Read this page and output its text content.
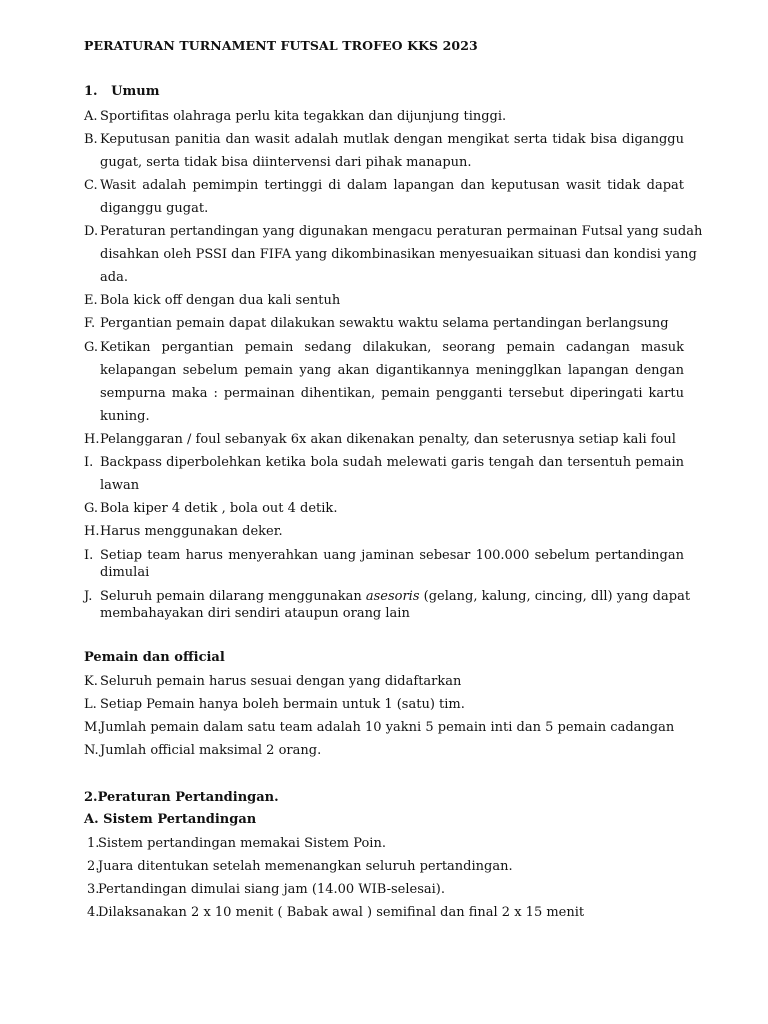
PERATURAN TURNAMENT FUTSAL TROFEO KKS 2023
1.   Umum
A. Sportifitas olahraga perlu kita tegakkan dan dijunjung tinggi.
B. Keputusan panitia dan wasit adalah mutlak dengan mengikat serta tidak bisa diganggu
gugat, serta tidak bisa diintervensi dari pihak manapun.
C. Wasit adalah pemimpin tertinggi di dalam lapangan dan keputusan wasit tidak dapat
diganggu gugat.
D. Peraturan pertandingan yang digunakan mengacu peraturan permainan Futsal yang sudah
disahkan oleh PSSI dan FIFA yang dikombinasikan menyesuaikan situasi dan kondisi yang
ada.
E. Bola kick off dengan dua kali sentuh
F. Pergantian pemain dapat dilakukan sewaktu waktu selama pertandingan berlangsung
G. Ketikan pergantian pemain sedang dilakukan, seorang pemain cadangan masuk
kelapangan sebelum pemain yang akan digantikannya meningglkan lapangan dengan
sempurna maka : permainan dihentikan, pemain pengganti tersebut diperingati kartu
kuning.
H. Pelanggaran / foul sebanyak 6x akan dikenakan penalty, dan seterusnya setiap kali foul
I. Backpass diperbolehkan ketika bola sudah melewati garis tengah dan tersentuh pemain
lawan
G. Bola kiper 4 detik , bola out 4 detik.
H. Harus menggunakan deker.
I. Setiap team harus menyerahkan uang jaminan sebesar 100.000 sebelum pertandingan
dimulai
J. Seluruh pemain dilarang menggunakan asesoris (gelang, kalung, cincing, dll) yang dapat
membahayakan diri sendiri ataupun orang lain
Pemain dan official
K. Seluruh pemain harus sesuai dengan yang didaftarkan
L. Setiap Pemain hanya boleh bermain untuk 1 (satu) tim.
M.
Jumlah pemain dalam satu team adalah 10 yakni 5 pemain inti dan 5 pemain cadangan
N. Jumlah official maksimal 2 orang.
2.Peraturan Pertandingan.
A. Sistem Pertandingan
1.
Sistem pertandingan memakai Sistem Poin.
2.
Juara ditentukan setelah memenangkan seluruh pertandingan.
3.
Pertandingan dimulai siang jam (14.00 WIB-selesai).
4.
Dilaksanakan 2 x 10 menit ( Babak awal ) semifinal dan final 2 x 15 menit
